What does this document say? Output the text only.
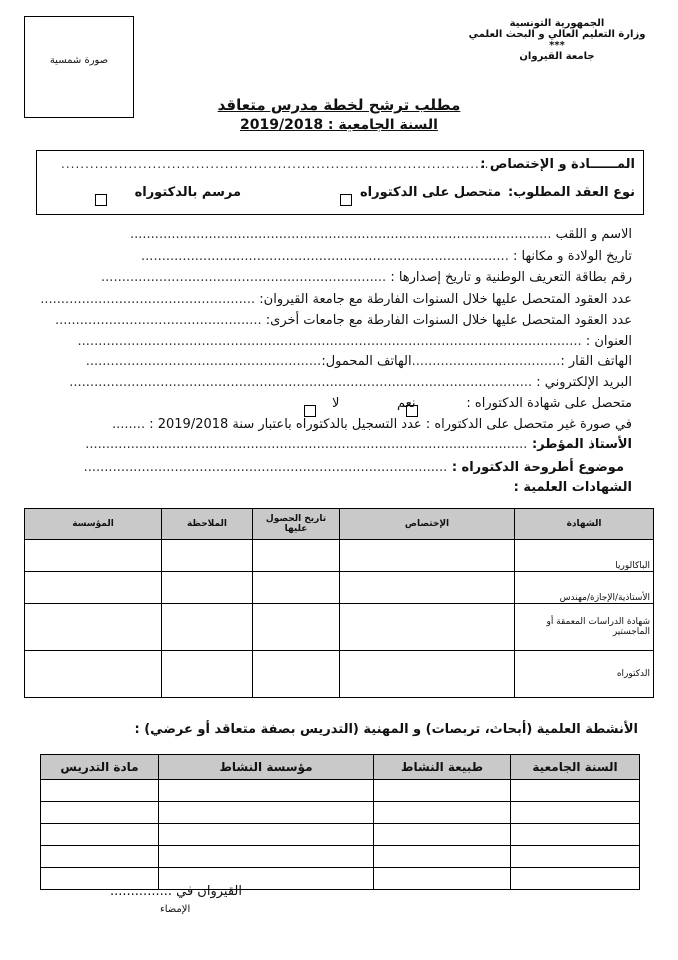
الجمهورية التونسية
وزارة التعليم العالي و البحث العلمي
***
جامعة القيروان
صورة شمسية
مطلب ترشح لخطة مدرس متعاقد
السنة الجامعية : 2019/2018
المــــــادة و الإختصاص :
.........................................................................................
نوع العقد المطلوب:
متحصل على الدكتوراه
مرسم بالدكتوراه
الاسم و اللقب ......................................................................................................
تاريخ الولادة و مكانها : .........................................................................................
رقم بطاقة التعريف الوطنية و تاريخ إصدارها : .....................................................................
عدد العقود المتحصل عليها خلال السنوات الفارطة مع جامعة القيروان: ....................................................
عدد العقود المتحصل عليها خلال السنوات الفارطة مع جامعات أخرى: ..................................................
العنوان : ..........................................................................................................................
الهاتف القار :....................................الهاتف المحمول:.........................................................
البريد الإلكتروني : ................................................................................................................
متحصل على شهادة الدكتوراه :
نعم
لا
في صورة غير متحصل على الدكتوراه : عدد التسجيل بالدكتوراه باعتبار سنة 2019/2018 : ........
الأستاذ المؤطر: ...........................................................................................................
موضوع أطروحة الدكتوراه : ........................................................................................
الشهادات العلمية :
الشهادة	الإختصاص	تاريخ الحصول عليها	الملاحظة	المؤسسة
الباكالوريا				
الأستاذية/الإجازة/مهندس				
شهادة الدراسات المعمقة أو الماجستير				
الدكتوراه				
الأنشطة العلمية (أبحاث، تربصات) و المهنية (التدريس بصفة متعاقد أو عرضي) :
السنة الجامعية	طبيعة النشاط	مؤسسة النشاط	مادة التدريس

القيروان في ...............
الإمضاء
